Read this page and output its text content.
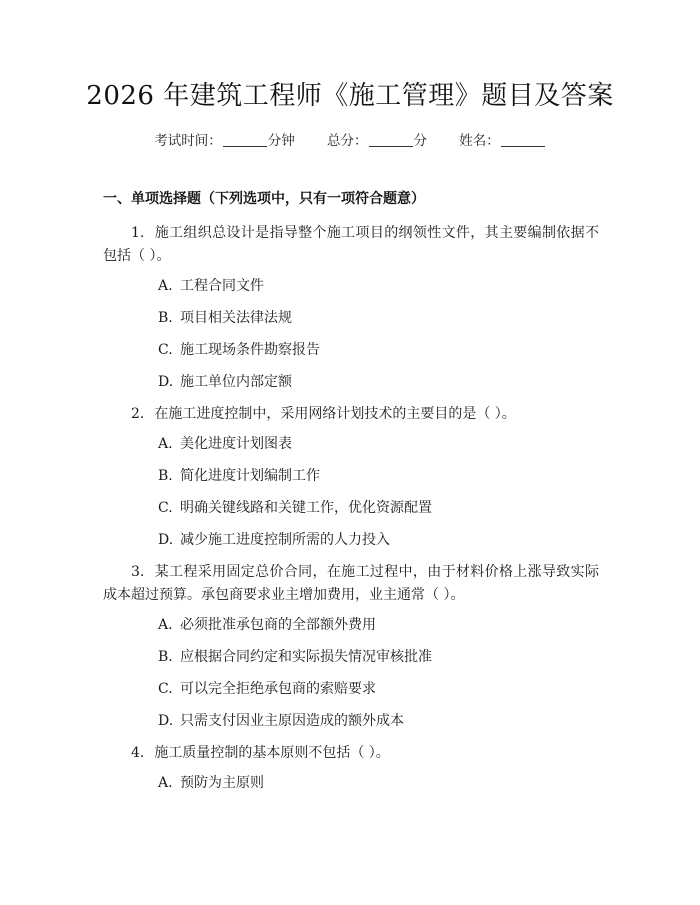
2026 年建筑工程师《施工管理》题目及答案
考试时间：	分钟 总分：	分 姓名：
一、单项选择题（下列选项中，只有一项符合题意）

1. 施工组织总设计是指导整个施工项目的纲领性文件，其主要编制依据不包括（ ）。

A. 工程合同文件
B. 项目相关法律法规
C. 施工现场条件勘察报告
D. 施工单位内部定额

2. 在施工进度控制中，采用网络计划技术的主要目的是（ ）。

A. 美化进度计划图表
B. 简化进度计划编制工作
C. 明确关键线路和关键工作，优化资源配置
D. 减少施工进度控制所需的人力投入

3. 某工程采用固定总价合同，在施工过程中，由于材料价格上涨导致实际成本超过预算。承包商要求业主增加费用，业主通常（ ）。

A. 必须批准承包商的全部额外费用
B. 应根据合同约定和实际损失情况审核批准
C. 可以完全拒绝承包商的索赔要求
D. 只需支付因业主原因造成的额外成本

4. 施工质量控制的基本原则不包括（ ）。

A. 预防为主原则
